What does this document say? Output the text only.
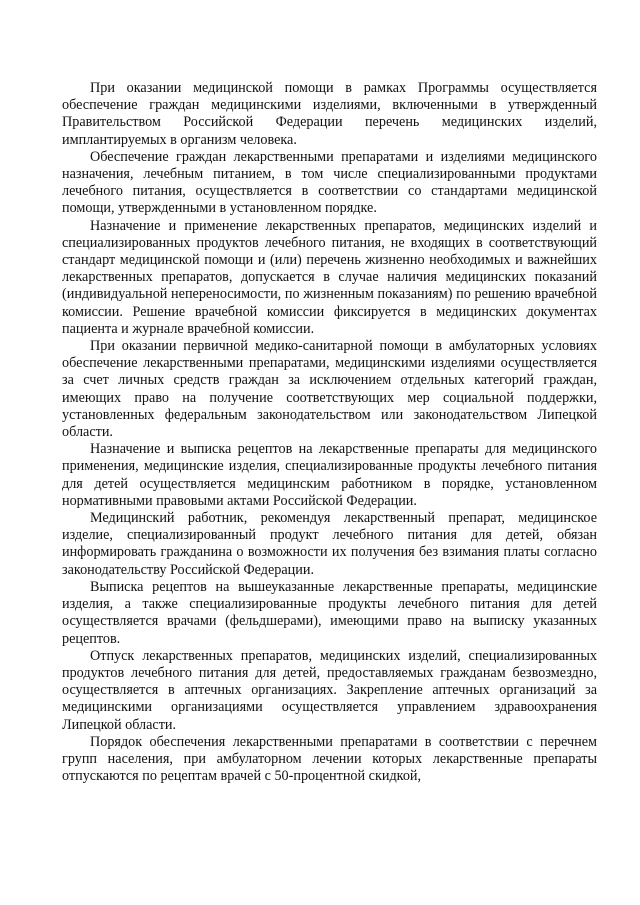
При оказании медицинской помощи в рамках Программы осуществляется обеспечение граждан медицинскими изделиями, включенными в утвержденный Правительством Российской Федерации перечень медицинских изделий, имплантируемых в организм человека.

Обеспечение граждан лекарственными препаратами и изделиями медицинского назначения, лечебным питанием, в том числе специализированными продуктами лечебного питания, осуществляется в соответствии со стандартами медицинской помощи, утвержденными в установленном порядке.

Назначение и применение лекарственных препаратов, медицинских изделий и специализированных продуктов лечебного питания, не входящих в соответствующий стандарт медицинской помощи и (или) перечень жизненно необходимых и важнейших лекарственных препаратов, допускается в случае наличия медицинских показаний (индивидуальной непереносимости, по жизненным показаниям) по решению врачебной комиссии. Решение врачебной комиссии фиксируется в медицинских документах пациента и журнале врачебной комиссии.

При оказании первичной медико-санитарной помощи в амбулаторных условиях обеспечение лекарственными препаратами, медицинскими изделиями осуществляется за счет личных средств граждан за исключением отдельных категорий граждан, имеющих право на получение соответствующих мер социальной поддержки, установленных федеральным законодательством или законодательством Липецкой области.

Назначение и выписка рецептов на лекарственные препараты для медицинского применения, медицинские изделия, специализированные продукты лечебного питания для детей осуществляется медицинским работником в порядке, установленном нормативными правовыми актами Российской Федерации.

Медицинский работник, рекомендуя лекарственный препарат, медицинское изделие, специализированный продукт лечебного питания для детей, обязан информировать гражданина о возможности их получения без взимания платы согласно законодательству Российской Федерации.

Выписка рецептов на вышеуказанные лекарственные препараты, медицинские изделия, а также специализированные продукты лечебного питания для детей осуществляется врачами (фельдшерами), имеющими право на выписку указанных рецептов.

Отпуск лекарственных препаратов, медицинских изделий, специализированных продуктов лечебного питания для детей, предоставляемых гражданам безвозмездно, осуществляется в аптечных организациях. Закрепление аптечных организаций за медицинскими организациями осуществляется управлением здравоохранения Липецкой области.

Порядок обеспечения лекарственными препаратами в соответствии с перечнем групп населения, при амбулаторном лечении которых лекарственные препараты отпускаются по рецептам врачей с 50-процентной скидкой,
